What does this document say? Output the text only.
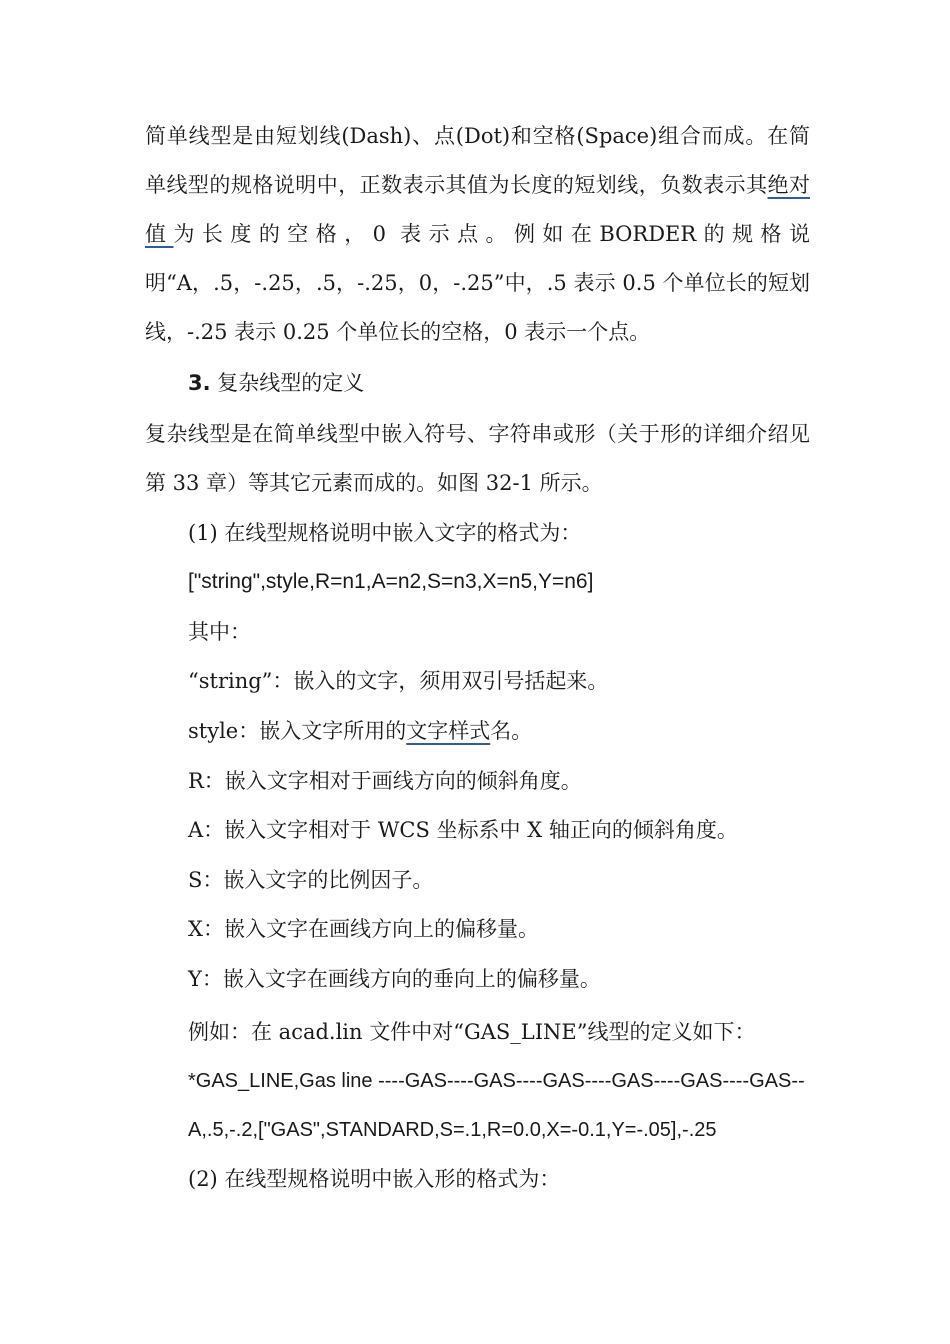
简单线型是由短划线(Dash)、点(Dot)和空格(Space)组合而成。在简单线型的规格说明中，正数表示其值为长度的短划线，负数表示其绝对值为长度的空格，0 表示点。例如在BORDER的规格说明“A，.5，-.25，.5，-.25，0，-.25”中，.5 表示 0.5 个单位长的短划线，-.25 表示 0.25 个单位长的空格，0 表示一个点。
3. 复杂线型的定义
复杂线型是在简单线型中嵌入符号、字符串或形（关于形的详细介绍见第 33 章）等其它元素而成的。如图 32-1 所示。
(1) 在线型规格说明中嵌入文字的格式为：
["string",style,R=n1,A=n2,S=n3,X=n5,Y=n6]
其中：
“string”：嵌入的文字，须用双引号括起来。
style：嵌入文字所用的文字样式名。
R：嵌入文字相对于画线方向的倾斜角度。
A：嵌入文字相对于 WCS 坐标系中 X 轴正向的倾斜角度。
S：嵌入文字的比例因子。
X：嵌入文字在画线方向上的偏移量。
Y：嵌入文字在画线方向的垂向上的偏移量。
例如：在 acad.lin 文件中对“GAS_LINE”线型的定义如下：
*GAS_LINE,Gas line ----GAS----GAS----GAS----GAS----GAS----GAS--
A,.5,-.2,["GAS",STANDARD,S=.1,R=0.0,X=-0.1,Y=-.05],-.25
(2) 在线型规格说明中嵌入形的格式为：
